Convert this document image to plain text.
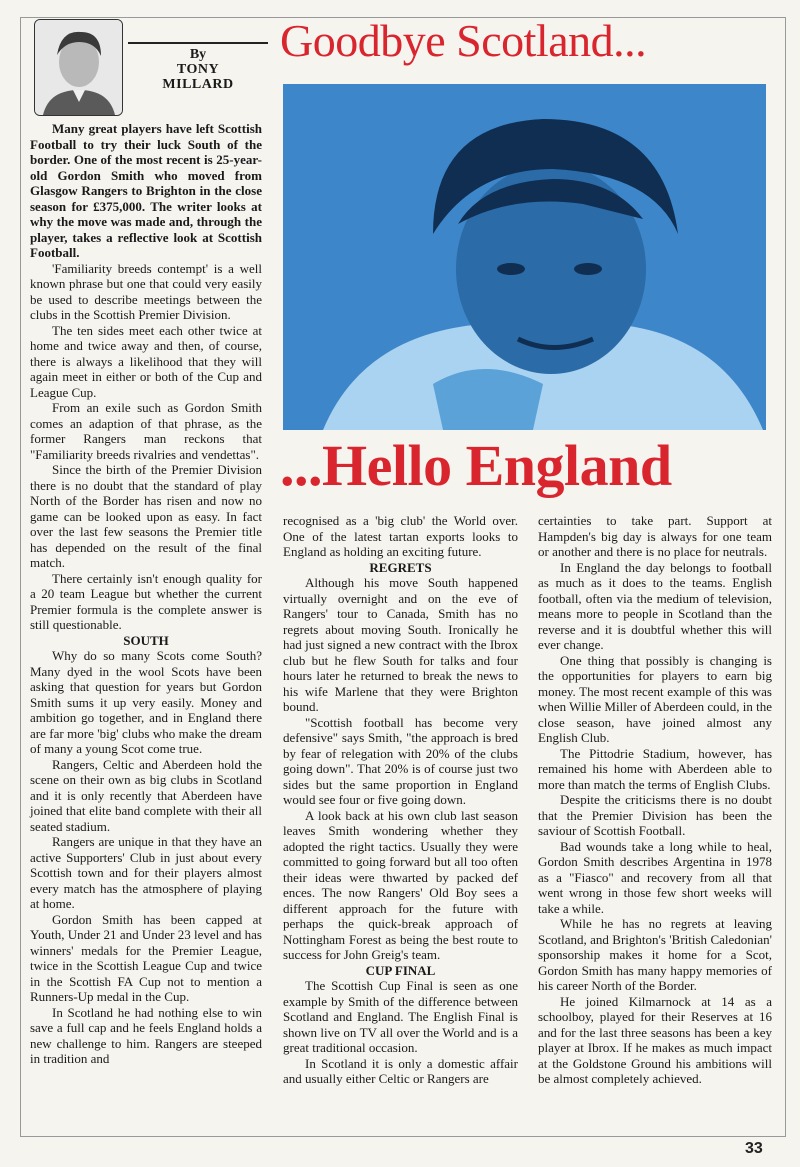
By
TONY
MILLARD
Goodbye Scotland...
...Hello England

Many great players have left Scottish Football to try their luck South of the border. One of the most recent is 25-year-old Gordon Smith who moved from Glasgow Rangers to Brighton in the close season for £375,000. The writer looks at why the move was made and, through the player, takes a reflective look at Scottish Football.

'Familiarity breeds contempt' is a well known phrase but one that could very easily be used to describe meetings between the clubs in the Scottish Premier Division.

The ten sides meet each other twice at home and twice away and then, of course, there is always a likelihood that they will again meet in either or both of the Cup and League Cup.

From an exile such as Gordon Smith comes an adaption of that phrase, as the former Rangers man reckons that "Familiarity breeds rivalries and vendettas".

Since the birth of the Premier Division there is no doubt that the standard of play North of the Border has risen and now no game can be looked upon as easy. In fact over the last few seasons the Premier title has depended on the result of the final match.

There certainly isn't enough quality for a 20 team League but whether the current Premier formula is the complete answer is still questionable.

SOUTH

Why do so many Scots come South? Many dyed in the wool Scots have been asking that question for years but Gordon Smith sums it up very easily. Money and ambition go together, and in England there are far more 'big' clubs who make the dream of many a young Scot come true.

Rangers, Celtic and Aberdeen hold the scene on their own as big clubs in Scotland and it is only recently that Aberdeen have joined that elite band complete with their all seated stadium.

Rangers are unique in that they have an active Supporters' Club in just about every Scottish town and for their players almost every match has the atmosphere of playing at home.

Gordon Smith has been capped at Youth, Under 21 and Under 23 level and has winners' medals for the Premier League, twice in the Scottish League Cup and twice in the Scottish FA Cup not to mention a Runners-Up medal in the Cup.

In Scotland he had nothing else to win save a full cap and he feels England holds a new challenge to him. Rangers are steeped in tradition and

recognised as a 'big club' the World over. One of the latest tartan exports looks to England as holding an exciting future.

REGRETS

Although his move South happened virtually overnight and on the eve of Rangers' tour to Canada, Smith has no regrets about moving South. Ironically he had just signed a new contract with the Ibrox club but he flew South for talks and four hours later he returned to break the news to his wife Marlene that they were Brighton bound.

"Scottish football has become very defensive" says Smith, "the approach is bred by fear of relegation with 20% of the clubs going down". That 20% is of course just two sides but the same proportion in England would see four or five going down.

A look back at his own club last season leaves Smith wondering whether they adopted the right tactics. Usually they were committed to going forward but all too often their ideas were thwarted by packed def ences. The now Rangers' Old Boy sees a different approach for the future with perhaps the quick-break approach of Nottingham Forest as being the best route to success for John Greig's team.

CUP FINAL

The Scottish Cup Final is seen as one example by Smith of the difference between Scotland and England. The English Final is shown live on TV all over the World and is a great traditional occasion.

In Scotland it is only a domestic affair and usually either Celtic or Rangers are

certainties to take part. Support at Hampden's big day is always for one team or another and there is no place for neutrals.

In England the day belongs to football as much as it does to the teams. English football, often via the medium of television, means more to people in Scotland than the reverse and it is doubtful whether this will ever change.

One thing that possibly is changing is the opportunities for players to earn big money. The most recent example of this was when Willie Miller of Aberdeen could, in the close season, have joined almost any English Club.

The Pittodrie Stadium, however, has remained his home with Aberdeen able to more than match the terms of English Clubs.

Despite the criticisms there is no doubt that the Premier Division has been the saviour of Scottish Football.

Bad wounds take a long while to heal, Gordon Smith describes Argentina in 1978 as a "Fiasco" and recovery from all that went wrong in those few short weeks will take a while.

While he has no regrets at leaving Scotland, and Brighton's 'British Caledonian' sponsorship makes it home for a Scot, Gordon Smith has many happy memories of his career North of the Border.

He joined Kilmarnock at 14 as a schoolboy, played for their Reserves at 16 and for the last three seasons has been a key player at Ibrox. If he makes as much impact at the Goldstone Ground his ambitions will be almost completely achieved.

33
